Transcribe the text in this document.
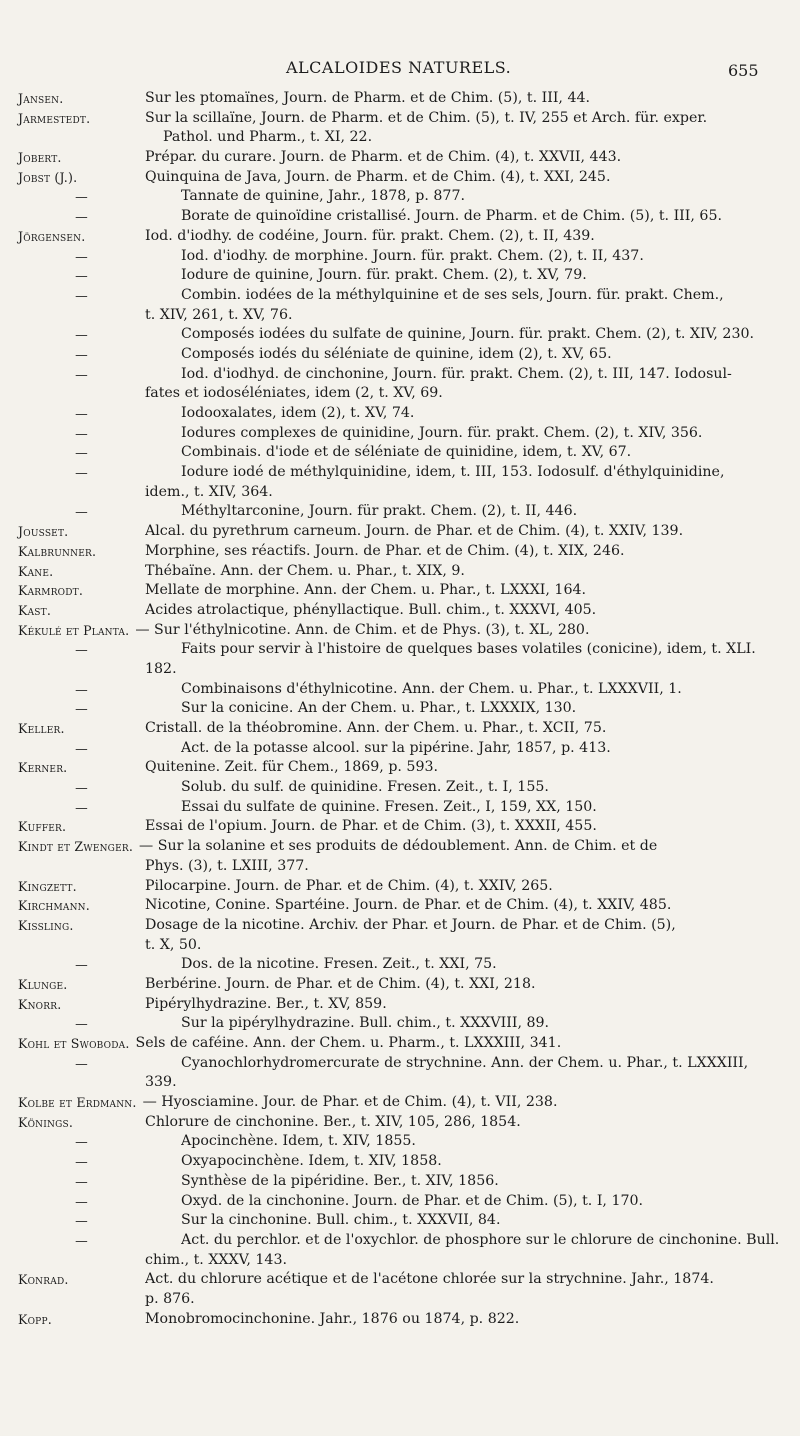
ALCALOIDES NATURELS.	655
Jansen.	Sur les ptomaïnes, Journ. de Pharm. et de Chim. (5), t. III, 44.
Jarmestedt.	Sur la scillaïne, Journ. de Pharm. et de Chim. (5), t. IV, 255 et Arch. für. exper.
Pathol. und Pharm., t. XI, 22.
Jobert.	Prépar. du curare. Journ. de Pharm. et de Chim. (4), t. XXVII, 443.
Jobst (J.).	Quinquina de Java, Journ. de Pharm. et de Chim. (4), t. XXI, 245.
—	Tannate de quinine, Jahr., 1878, p. 877.
—	Borate de quinoïdine cristallisé. Journ. de Pharm. et de Chim. (5), t. III, 65.
Jörgensen.	Iod. d'iodhy. de codéine, Journ. für. prakt. Chem. (2), t. II, 439.
—	Iod. d'iodhy. de morphine. Journ. für. prakt. Chem. (2), t. II, 437.
—	Iodure de quinine, Journ. für. prakt. Chem. (2), t. XV, 79.
—	Combin. iodées de la méthylquinine et de ses sels, Journ. für. prakt. Chem.,
t. XIV, 261, t. XV, 76.
—	Composés iodées du sulfate de quinine, Journ. für. prakt. Chem. (2), t. XIV, 230.
—	Composés iodés du séléniate de quinine, idem (2), t. XV, 65.
—	Iod. d'iodhyd. de cinchonine, Journ. für. prakt. Chem. (2), t. III, 147. Iodosul-
fates et iodoséléniates, idem (2, t. XV, 69.
—	Iodooxalates, idem (2), t. XV, 74.
—	Iodures complexes de quinidine, Journ. für. prakt. Chem. (2), t. XIV, 356.
—	Combinais. d'iode et de séléniate de quinidine, idem, t. XV, 67.
—	Iodure iodé de méthylquinidine, idem, t. III, 153. Iodosulf. d'éthylquinidine,
idem., t. XIV, 364.
—	Méthyltarconine, Journ. für prakt. Chem. (2), t. II, 446.
Jousset.	Alcal. du pyrethrum carneum. Journ. de Phar. et de Chim. (4), t. XXIV, 139.
Kalbrunner.	Morphine, ses réactifs. Journ. de Phar. et de Chim. (4), t. XIX, 246.
Kane.	Thébaïne. Ann. der Chem. u. Phar., t. XIX, 9.
Karmrodt.	Mellate de morphine. Ann. der Chem. u. Phar., t. LXXXI, 164.
Kast.	Acides atrolactique, phényllactique. Bull. chim., t. XXXVI, 405.
Kékulé et Planta. — Sur l'éthylnicotine. Ann. de Chim. et de Phys. (3), t. XL, 280.
—	Faits pour servir à l'histoire de quelques bases volatiles (conicine), idem, t. XLI.
182.
—	Combinaisons d'éthylnicotine. Ann. der Chem. u. Phar., t. LXXXVII, 1.
—	Sur la conicine. An der Chem. u. Phar., t. LXXXIX, 130.
Keller.	Cristall. de la théobromine. Ann. der Chem. u. Phar., t. XCII, 75.
—	Act. de la potasse alcool. sur la pipérine. Jahr, 1857, p. 413.
Kerner.	Quitenine. Zeit. für Chem., 1869, p. 593.
—	Solub. du sulf. de quinidine. Fresen. Zeit., t. I, 155.
—	Essai du sulfate de quinine. Fresen. Zeit., I, 159, XX, 150.
Kuffer.	Essai de l'opium. Journ. de Phar. et de Chim. (3), t. XXXII, 455.
Kindt et Zwenger. — Sur la solanine et ses produits de dédoublement. Ann. de Chim. et de
Phys. (3), t. LXIII, 377.
Kingzett.	Pilocarpine. Journ. de Phar. et de Chim. (4), t. XXIV, 265.
Kirchmann.	Nicotine, Conine. Spartéine. Journ. de Phar. et de Chim. (4), t. XXIV, 485.
Kissling.	Dosage de la nicotine. Archiv. der Phar. et Journ. de Phar. et de Chim. (5),
t. X, 50.
—	Dos. de la nicotine. Fresen. Zeit., t. XXI, 75.
Klunge.	Berbérine. Journ. de Phar. et de Chim. (4), t. XXI, 218.
Knorr.	Pipérylhydrazine. Ber., t. XV, 859.
—	Sur la pipérylhydrazine. Bull. chim., t. XXXVIII, 89.
Kohl et Swoboda. Sels de caféine. Ann. der Chem. u. Pharm., t. LXXXIII, 341.
—	Cyanochlorhydromercurate de strychnine. Ann. der Chem. u. Phar., t. LXXXIII,
339.
Kolbe et Erdmann. — Hyosciamine. Jour. de Phar. et de Chim. (4), t. VII, 238.
Könings.	Chlorure de cinchonine. Ber., t. XIV, 105, 286, 1854.
—	Apocinchène. Idem, t. XIV, 1855.
—	Oxyapocinchène. Idem, t. XIV, 1858.
—	Synthèse de la pipéridine. Ber., t. XIV, 1856.
—	Oxyd. de la cinchonine. Journ. de Phar. et de Chim. (5), t. I, 170.
—	Sur la cinchonine. Bull. chim., t. XXXVII, 84.
—	Act. du perchlor. et de l'oxychlor. de phosphore sur le chlorure de cinchonine. Bull.
chim., t. XXXV, 143.
Konrad.	Act. du chlorure acétique et de l'acétone chlorée sur la strychnine. Jahr., 1874.
p. 876.
Kopp.	Monobromocinchonine. Jahr., 1876 ou 1874, p. 822.
